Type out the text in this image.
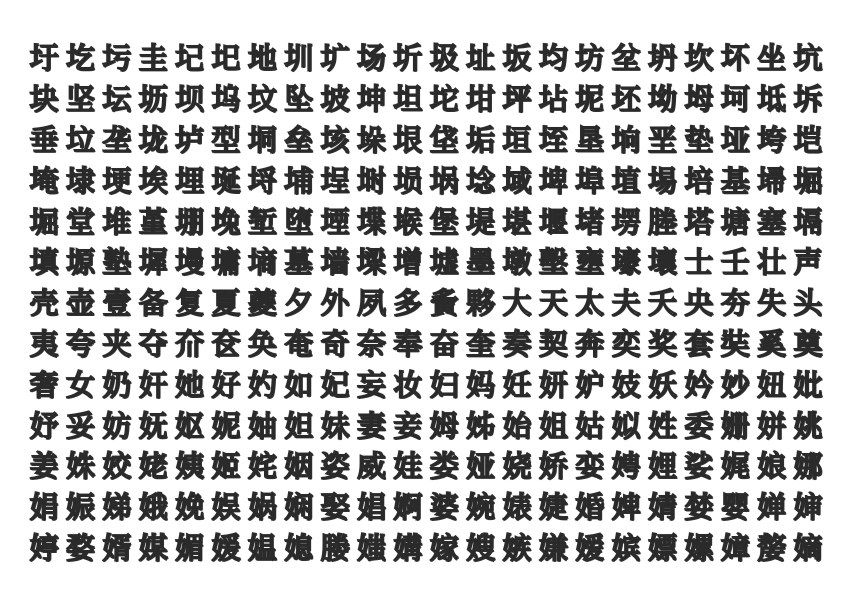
圩 圪 圬 圭 圮 圯 地 圳 圹 场 圻 圾 址 坂 均 坊 坌 坍 坎 坏 坐 坑
块 坚 坛 坜 坝 坞 坟 坠 坡 坤 坦 坨 坩 坪 坫 坭 坯 坳 坶 坷 坻 坼
垂 垃 垄 垅 垆 型 垌 垒 垓 垛 垠 垡 垢 垣 垤 垦 垧 垩 垫 垭 垮 垲
埯 埭 埂 埃 埋 埏 埒 埔 埕 埘 埙 埚 埝 域 埤 埠 埴 埸 培 基 埽 堀
堀 堂 堆 堇 堋 堍 堑 堕 堙 堞 堠 堡 堤 堪 堰 堵 塄 塍 塔 塘 塞 塥
填 塬 塾 墀 墁 墉 墒 墓 墙 墚 增 墟 墨 墩 墼 壅 壕 壤 士 壬 壮 声
壳 壶 壹 备 复 夏 夔 夕 外 夙 多 夤 夥 大 天 太 夫 夭 央 夯 失 头
夷 夸 夹 夺 夼 奁 奂 奄 奇 奈 奉 奋 奎 奏 契 奔 奕 奖 套 奘 奚 奠
奢 女 奶 奸 她 好 妁 如 妃 妄 妆 妇 妈 妊 妍 妒 妓 妖 妗 妙 妞 妣
妤 妥 妨 妩 妪 妮 妯 妲 妹 妻 妾 姆 姊 始 姐 姑 姒 姓 委 姗 姘 姚
姜 姝 姣 姥 姨 姬 姹 姻 姿 威 娃 娄 娅 娆 娇 娈 娉 娌 娑 娓 娘 娜
娟 娠 娣 娥 娩 娱 娲 娴 娶 娼 婀 婆 婉 婊 婕 婚 婢 婧 婪 婴 婵 婶
婷 婺 婿 媒 媚 媛 媪 媳 媵 媸 媾 嫁 嫂 嫉 嫌 嫒 嫔 嫖 嫘 嫜 嫠 嫡
